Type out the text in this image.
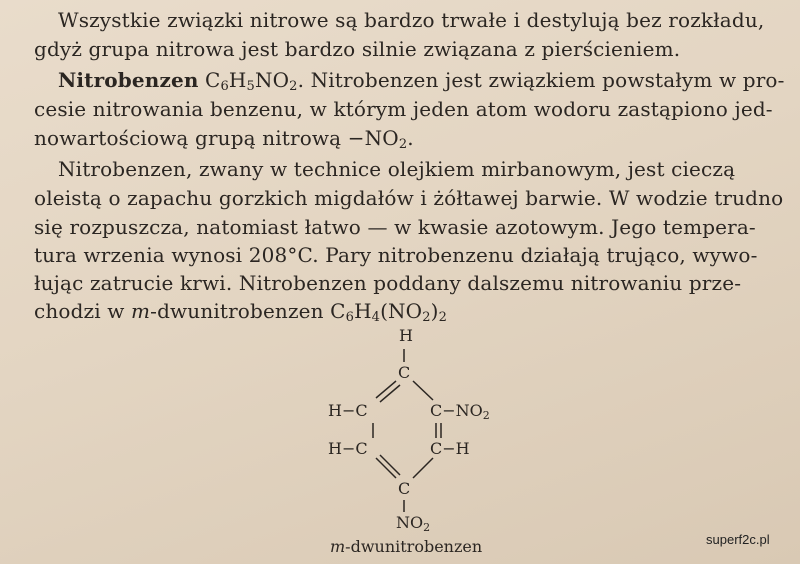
Wszystkie związki nitrowe są bardzo trwałe i destylują bez rozkładu,
gdyż grupa nitrowa jest bardzo silnie związana z pierścieniem.
Nitrobenzen $C_6H_5NO_2$. Nitrobenzen jest związkiem powstałym w pro-
cesie nitrowania benzenu, w którym jeden atom wodoru zastąpiono jed-
nowartościową grupą nitrową $-NO_2$.
Nitrobenzen, zwany w technice olejkiem mirbanowym, jest cieczą
oleistą o zapachu gorzkich migdałów i żółtawej barwie. W wodzie trudno
się rozpuszcza, natomiast łatwo — w kwasie azotowym. Jego tempera-
tura wrzenia wynosi 208°C. Pary nitrobenzenu działają trująco, wywo-
łując zatrucie krwi. Nitrobenzen poddany dalszemu nitrowaniu prze-
chodzi w m-dwunitrobenzen $C_6H_4(NO_2)_2$
H
C
H−C	$C-NO_2$
H−C	C−H
C
$NO_2$
m-dwunitrobenzen	superf2c.pl
